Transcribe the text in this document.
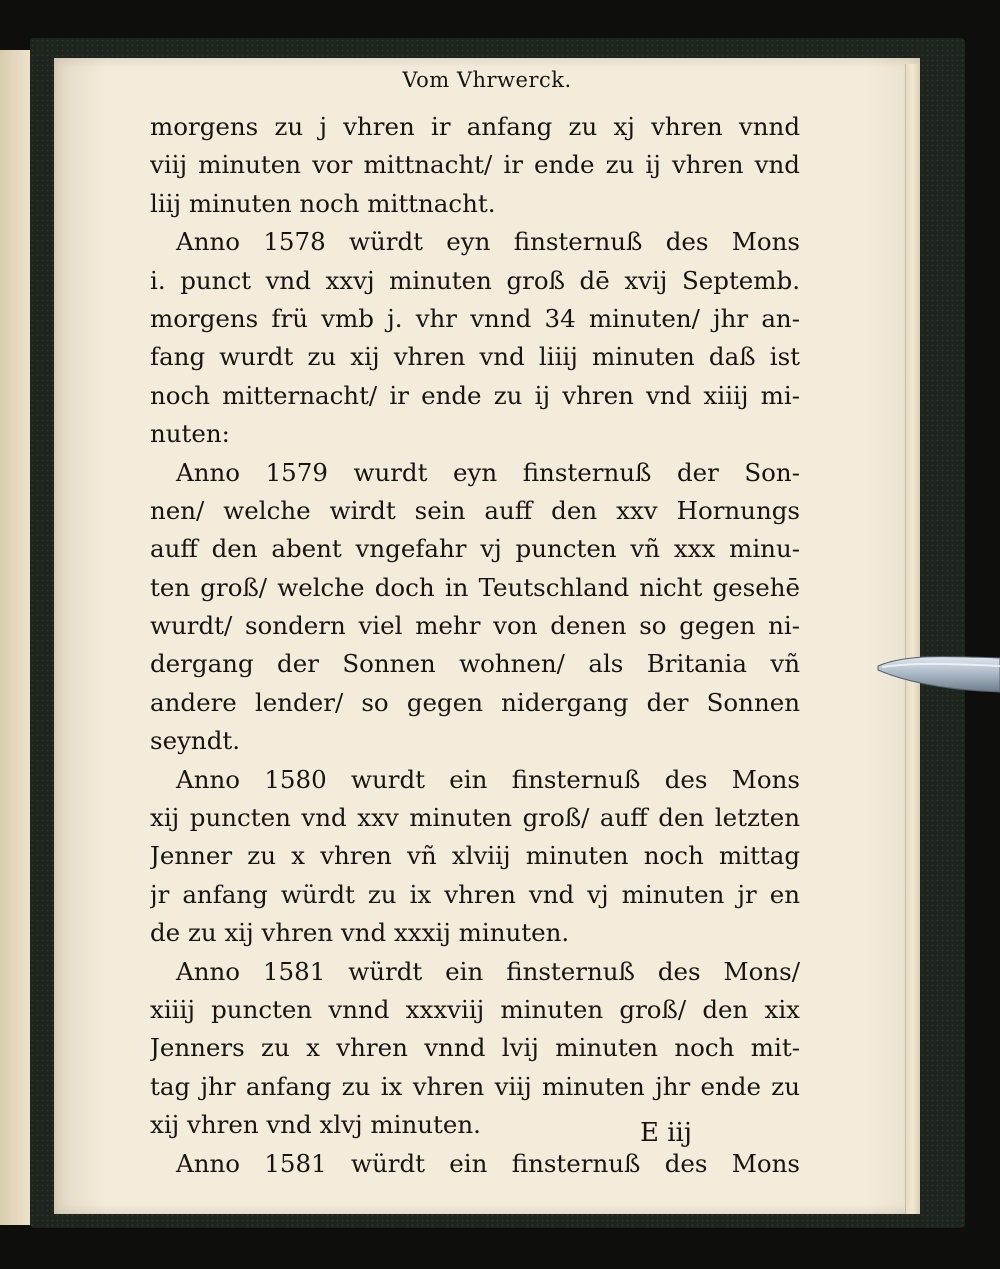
Vom Vhrwerck.
morgens zu j vhren ir anfang zu xj vhren vnnd
viij minuten vor mittnacht/ ir ende zu ij vhren vnd
liij minuten noch mittnacht.
Anno 1578 würdt eyn finsternuß des Mons
i. punct vnd xxvj minuten groß dē xvij Septemb.
morgens frü vmb j. vhr vnnd 34 minuten/ jhr an-
fang wurdt zu xij vhren vnd liiij minuten daß ist
noch mitternacht/ ir ende zu ij vhren vnd xiiij mi-
nuten:
Anno 1579 wurdt eyn finsternuß der Son-
nen/ welche wirdt sein auff den xxv Hornungs
auff den abent vngefahr vj puncten vñ xxx minu-
ten groß/ welche doch in Teutschland nicht gesehē
wurdt/ sondern viel mehr von denen so gegen ni-
dergang der Sonnen wohnen/ als Britania vñ
andere lender/ so gegen nidergang der Sonnen
seyndt.
Anno 1580 wurdt ein finsternuß des Mons
xij puncten vnd xxv minuten groß/ auff den letzten
Jenner zu x vhren vñ xlviij minuten noch mittag
jr anfang würdt zu ix vhren vnd vj minuten jr en
de zu xij vhren vnd xxxij minuten.
Anno 1581 würdt ein finsternuß des Mons/
xiiij puncten vnnd xxxviij minuten groß/ den xix
Jenners zu x vhren vnnd lvij minuten noch mit-
tag jhr anfang zu ix vhren viij minuten jhr ende zu
xij vhren vnd xlvj minuten.
Anno 1581 würdt ein finsternuß des Mons
E iij
